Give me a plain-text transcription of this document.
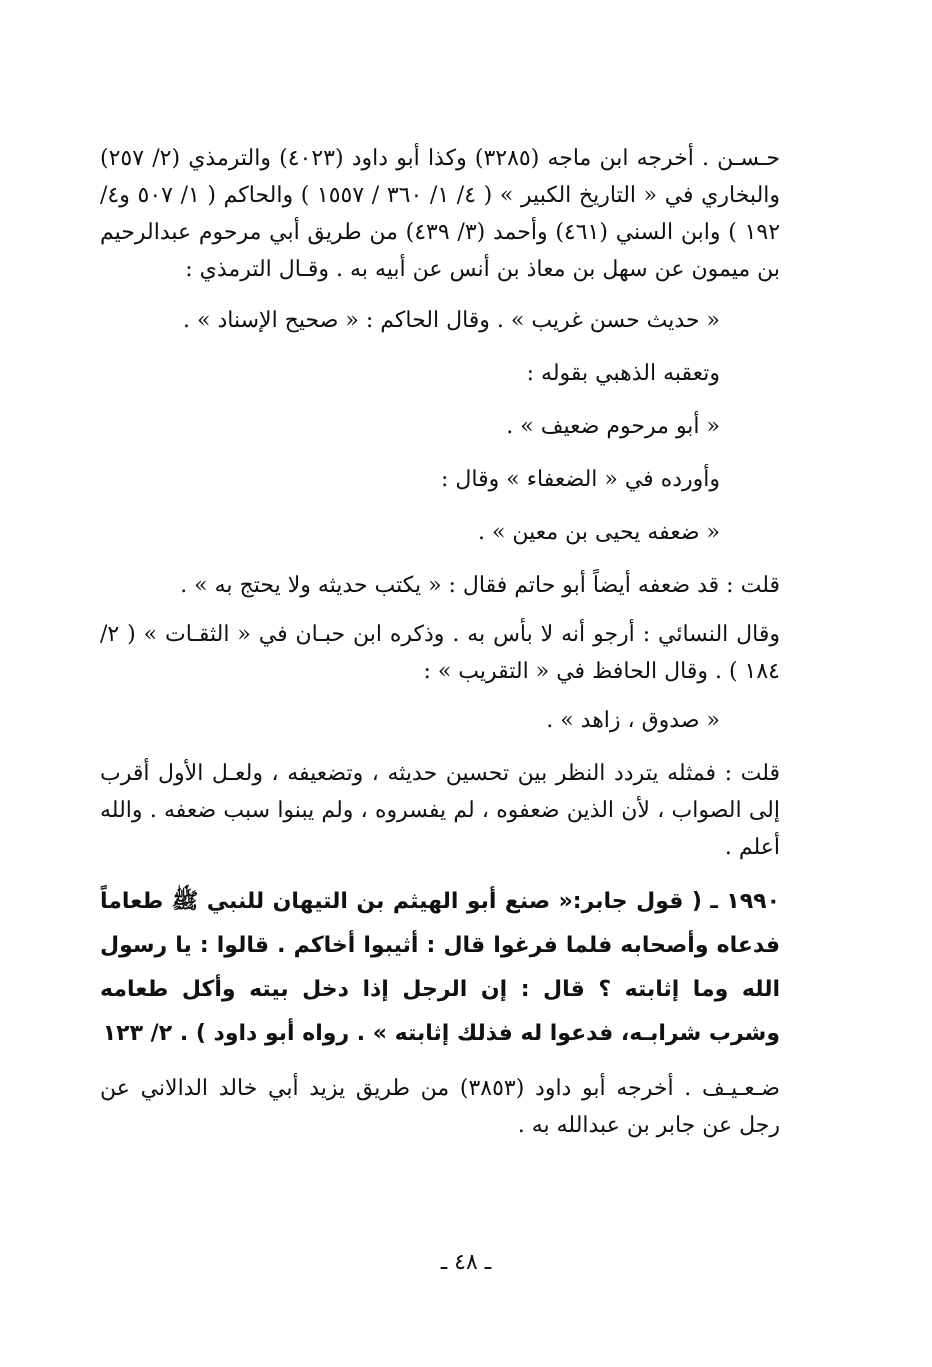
حـسـن . أخرجه ابن ماجه (٣٢٨٥) وكذا أبو داود (٤٠٢٣) والترمذي (٢/ ٢٥٧) والبخاري في « التاريخ الكبير » ( ٤/ ١/ ٣٦٠ / ١٥٥٧ ) والحاكم ( ١/ ٥٠٧ و٤/ ١٩٢ ) وابن السني (٤٦١) وأحمد (٣/ ٤٣٩) من طريق أبي مرحوم عبدالرحيم بن ميمون عن سهل بن معاذ بن أنس عن أبيه به . وقـال الترمذي :

« حديث حسن غريب » . وقال الحاكم : « صحيح الإسناد » .

وتعقبه الذهبي بقوله :

« أبو مرحوم ضعيف » .

وأورده في « الضعفاء » وقال :

« ضعفه يحيى بن معين » .

قلت : قد ضعفه أيضاً أبو حاتم فقال : « يكتب حديثه ولا يحتج به » .

وقال النسائي : أرجو أنه لا بأس به . وذكره ابن حبـان في « الثقـات » ( ٢/ ١٨٤ ) . وقال الحافظ في « التقريب » :

« صدوق ، زاهد » .

قلت : فمثله يتردد النظر بين تحسين حديثه ، وتضعيفه ، ولعـل الأول أقرب إلى الصواب ، لأن الذين ضعفوه ، لم يفسروه ، ولم يبنوا سبب ضعفه . والله أعلم .

١٩٩٠ ـ ( قول جابر:« صنع أبو الهيثم بن التيهان للنبي ﷺ طعاماً فدعاه وأصحابه فلما فرغوا قال : أثيبوا أخاكم . قالوا : يا رسول الله وما إثابته ؟ قال : إن الرجل إذا دخل بيته وأكل طعامه وشرب شرابـه، فدعوا له فذلك إثابته » . رواه أبو داود ) . ٢/ ١٢٣

ضـعـيـف . أخرجه أبو داود (٣٨٥٣) من طريق يزيد أبي خالد الدالاني عن رجل عن جابر بن عبدالله به .

ـ ٤٨ ـ
